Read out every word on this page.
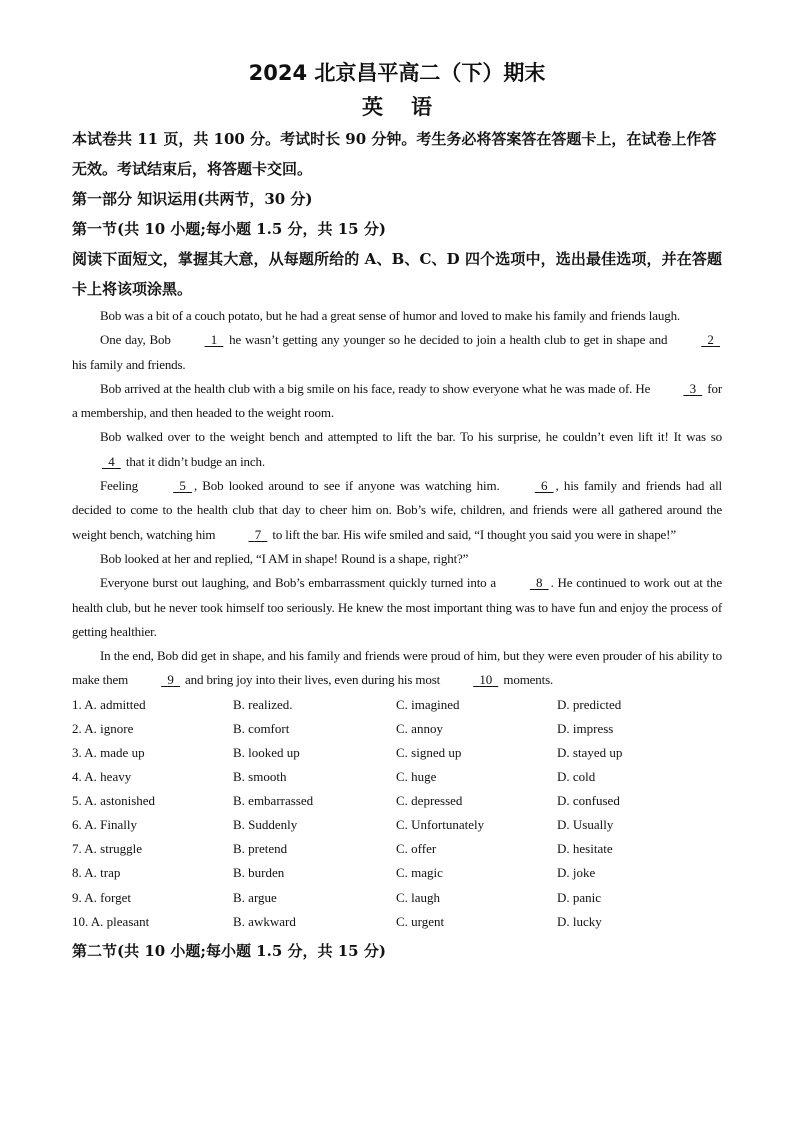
2024 北京昌平高二（下）期末
英语

本试卷共 11 页，共 100 分。考试时长 90 分钟。考生务必将答案答在答题卡上，在试卷上作答无效。考试结束后，将答题卡交回。

第一部分 知识运用(共两节，30 分)

第一节(共 10 小题;每小题 1.5 分，共 15 分)

阅读下面短文，掌握其大意，从每题所给的 A、B、C、D 四个选项中，选出最佳选项，并在答题卡上将该项涂黑。

Bob was a bit of a couch potato, but he had a great sense of humor and loved to make his family and friends laugh.

One day, Bob	1 he wasn’t getting any younger so he decided to join a health club to get in shape and	2 his family and friends.

Bob arrived at the health club with a big smile on his face, ready to show everyone what he was made of. He	3 for a membership, and then headed to the weight room.

Bob walked over to the weight bench and attempted to lift the bar. To his surprise, he couldn’t even lift it! It was so 4 that it didn’t budge an inch.

Feeling	5 , Bob looked around to see if anyone was watching him.	6 , his family and friends had all decided to come to the health club that day to cheer him on. Bob’s wife, children, and friends were all gathered around the weight bench, watching him	7 to lift the bar. His wife smiled and said, “I thought you said you were in shape!”

Bob looked at her and replied, “I AM in shape! Round is a shape, right?”

Everyone burst out laughing, and Bob’s embarrassment quickly turned into a	8 . He continued to work out at the health club, but he never took himself too seriously. He knew the most important thing was to have fun and enjoy the process of getting healthier.

In the end, Bob did get in shape, and his family and friends were proud of him, but they were even prouder of his ability to make them	9 and bring joy into their lives, even during his most	10 moments.

1. A. admitted	B. realized.	C. imagined	D. predicted
2. A. ignore	B. comfort	C. annoy	D. impress
3. A. made up	B. looked up	C. signed up	D. stayed up
4. A. heavy	B. smooth	C. huge	D. cold
5. A. astonished	B. embarrassed	C. depressed	D. confused
6. A. Finally	B. Suddenly	C. Unfortunately	D. Usually
7. A. struggle	B. pretend	C. offer	D. hesitate
8. A. trap	B. burden	C. magic	D. joke
9. A. forget	B. argue	C. laugh	D. panic
10. A. pleasant	B. awkward	C. urgent	D. lucky

第二节(共 10 小题;每小题 1.5 分，共 15 分)
